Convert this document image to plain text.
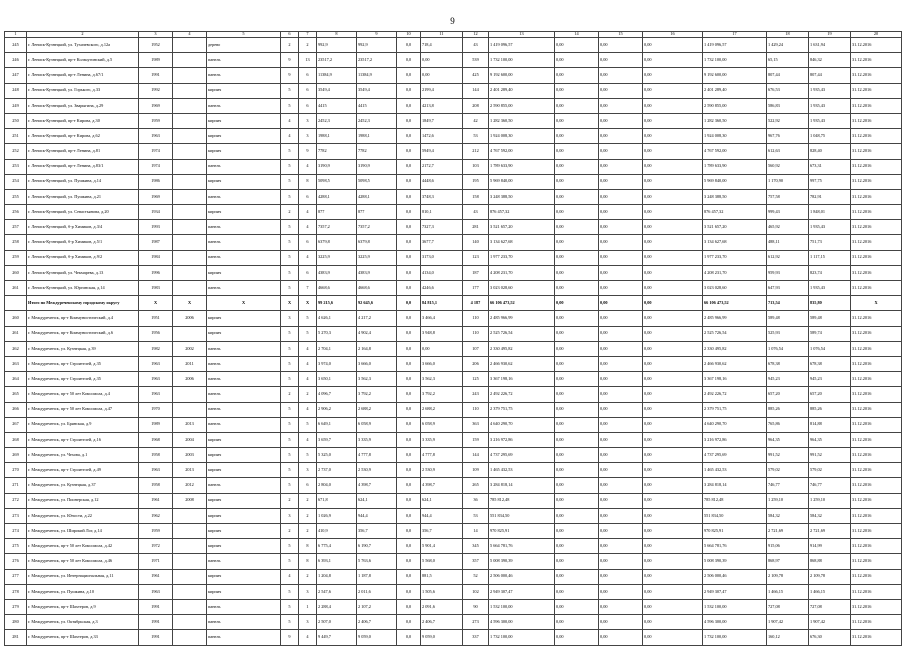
9
1	2	3	4	5	6	7	8	9	10	11	12	13	14	15	16	17	18	19	20
245	г. Лениск-Кузнецкий, ул. Тухачевского, д.12а	1952		дерево	2	2	992,9	992,9	0,0	718,4	43	1 419 096,57	0,00	0,00	0,00	1 419 096,57	1 429,24	1 631,94	31.12.2016
246	г. Лениск-Кузнецкий, пр-т Кольчугинский, д.5	1989		панель	9	13	23517,2	23517,2	0,0	0,00	539	1 732 100,00	0,00	0,00	0,00	1 732 100,00	65,15	846,32	31.12.2016
247	г. Лениск-Кузнецкий, пр-т Ленина, д.67/1	1991		панель	9	6	11384,9	11384,9	0,0	0,00	425	9 192 600,00	0,00	0,00	0,00	9 192 600,00	807,44	807,44	31.12.2016
248	г. Лениск-Кузнецкий, ул. Горького, д.33	1992		кирпич	5	6	3549,4	3549,4	0,0	2199,4	144	2 401 289,40	0,00	0,00	0,00	2 401 289,40	676,53	1 935,43	31.12.2016
249	г. Лениск-Кузнецкий, ул. Зварыгина, д.29	1969		панель	5	6	4415	4415	0,0	4213,8	208	2 590 855,00	0,00	0,00	0,00	2 590 855,00	586,83	1 935,43	31.12.2016
250	г. Лениск-Кузнецкий, пр-т Кирова, д.30	1959		кирпич	4	3	2452,3	2452,3	0,0	1849,7	42	1 282 360,50	0,00	0,00	0,00	1 282 360,50	522,92	1 935,43	31.12.2016
251	г. Лениск-Кузнецкий, пр-т Кирова, д.62	1963		кирпич	4	3	1988,1	1988,1	0,0	1472,6	53	1 924 008,30	0,00	0,00	0,00	1 924 008,30	967,76	1 048,75	31.12.2016
252	г. Лениск-Кузнецкий, пр-т Ленина, д.81	1974		кирпич	5	9	7782	7782	0,0	5949,4	212	4 767 592,00	0,00	0,00	0,00	4 767 592,00	612,63	828,40	31.12.2016
253	г. Лениск-Кузнецкий, пр-т Ленина, д.83/1	1974		панель	5	4	3190,9	3190,9	0,0	2172,7	103	1 789 633,90	0,00	0,00	0,00	1 789 633,90	560,92	673,31	31.12.2016
254	г. Лениск-Кузнецкий, ул. Пушкина, д.14	1986		кирпич	5	8	5098,5	5098,5	0,0	4448,6	195	5 969 840,00	0,00	0,00	0,00	5 969 840,00	1 170,90	997,75	31.12.2016
255	г. Лениск-Кузнецкий, ул. Пушкина, д.21	1969		панель	5	6	4288,1	4288,1	0,0	3748,3	158	3 248 388,50	0,00	0,00	0,00	3 248 388,50	757,58	782,91	31.12.2016
256	г. Лениск-Кузнецкий, ул. Севастьянова, д.20	1934		кирпич	2	4	877	877	0,0	810,1	43	876 457,32	0,00	0,00	0,00	876 457,32	999,43	1 848,01	31.12.2016
257	г. Лениск-Кузнецкий, б-р Химиков, д.3/4	1993		панель	5	4	7357,2	7357,2	0,0	7327,3	281	3 521 657,20	0,00	0,00	0,00	3 521 657,20	465,92	1 935,43	31.12.2016
258	г. Лениск-Кузнецкий, б-р Химиков, д.5/1	1987		панель	5	6	6379,8	6379,8	0,0	3677,7	140	3 134 627,68	0,00	0,00	0,00	3 134 627,68	488,11	751,73	31.12.2016
259	г. Лениск-Кузнецкий, б-р Химиков, д.9/2	1984		панель	5	4	3225,9	3225,9	0,0	3173,0	123	1 977 233,70	0,00	0,00	0,00	1 977 233,70	612,92	1 117,15	31.12.2016
260	г. Лениск-Кузнецкий, ул. Чекмарева, д.13	1996		кирпич	5	6	4383,9	4383,9	0,0	4134,0	187	4 208 231,70	0,00	0,00	0,00	4 208 231,70	959,93	823,74	31.12.2016
261	г. Лениск-Кузнецкий, ул. Юргинская, д.14	1983		панель	5	7	4668,6	4668,6	0,0	4246,6	177	3 023 028,60	0,00	0,00	0,00	3 023 028,60	647,93	1 935,43	31.12.2016
	Итого по Междуреченскому городскому округу	X	X	X	X	X	99 215,6	92 645,6	0,0	84 815,1	4 187	66 106 473,52	0,00	0,00	0,00	66 106 473,52	713,54	835,80	X
260	г. Междуреченск, пр-т Коммунистический, д.4	1951	2006	кирпич	3	5	4 626,1	4 217,2	0,0	3 466,4	110	2 485 966,99	0,00	0,00	0,00	2 485 966,99	589,48	589,48	31.12.2016
261	г. Междуреченск, пр-т Коммунистический, д.6	1956		кирпич	5	5	5 270,3	4 902,4	0,0	3 948,8	110	2 525 726,54	0,00	0,00	0,00	2 525 726,54	525,93	589,74	31.12.2016
262	г. Междуреченск, ул. Кузнецкая, д.39	1982	2002	панель	5	4	2 704,1	2 164,8	0,0	0,00	107	2 330 495,82	0,00	0,00	0,00	2 330 495,82	1 076,54	1 076,54	31.12.2016
263	г. Междуреченск, пр-т Строителей, д.35	1963	2011	панель	5	4	3 974,0	3 666,0	0,0	3 666,0	206	2 466 930,62	0,00	0,00	0,00	2 466 930,62	678,38	678,38	31.12.2016
264	г. Междуреченск, пр-т Строителей, д.35	1963	2006	панель	5	4	3 650,1	3 562,3	0,0	3 562,3	125	3 367 198,16	0,00	0,00	0,00	3 367 198,16	945,23	945,23	31.12.2016
265	г. Междуреченск, пр-т 50 лет Комсомола, д.4	1963		панель	2	2	4 096,7	3 792,2	0,0	3 792,2	243	2 492 226,72	0,00	0,00	0,00	2 492 226,72	657,20	657,20	31.12.2016
266	г. Междуреченск, пр-т 50 лет Комсомола, д.47	1970		панель	5	4	2 906,2	2 688,2	0,0	2 688,2	110	2 379 751,75	0,00	0,00	0,00	2 379 751,75	885,26	885,26	31.12.2016
267	г. Междуреченск, ул. Брянская, д.9	1989	2013	панель	5	5	6 649,1	6 058,9	0,0	6 058,9	363	4 640 290,70	0,00	0,00	0,00	4 640 290,70	765,86	814,88	31.12.2016
268	г. Междуреченск, пр-т Строителей, д.16	1968	2004	кирпич	5	4	3 659,7	3 335,9	0,0	3 335,9	159	3 216 972,86	0,00	0,00	0,00	3 216 972,86	964,35	964,35	31.12.2016
269	г. Междуреченск, ул. Чехова, д.1	1958	2003	кирпич	5	5	5 325,0	4 777,8	0,0	4 777,8	144	4 737 295,69	0,00	0,00	0,00	4 737 295,69	991,52	991,52	31.12.2016
270	г. Междуреченск, пр-т Строителей, д.49	1963	2013	кирпич	5	3	2 737,0	2 530,9	0,0	2 530,9	109	1 465 432,53	0,00	0,00	0,00	1 465 432,53	579,02	579,02	31.12.2016
271	г. Междуреченск, ул. Кузнецкая, д.37	1958	2012	панель	5	6	2 804,0	4 398,7	0,0	4 398,7	265	3 284 818,14	0,00	0,00	0,00	3 284 818,14	746,77	746,77	31.12.2016
272	г. Междуреченск, ул. Пионерская, д.12	1961	2008	кирпич	2	2	671,8	624,1	0,0	624,1	36	785 812,48	0,00	0,00	0,00	785 812,48	1 259,10	1 259,10	31.12.2016
273	г. Междуреченск, ул. Юности, д.22	1962		кирпич	3	2	1 026,9	944,4	0,0	944,4	53	551 834,50	0,00	0,00	0,00	551 834,50	584,32	584,32	31.12.2016
274	г. Междуреченск, ул. Широкий Лог, д.14	1959		кирпич	2	2	410,9	356,7	0,0	356,7	14	970 825,91	0,00	0,00	0,00	970 825,91	2 721,69	2 721,69	31.12.2016
275	г. Междуреченск, пр-т 50 лет Комсомола, д.42	1972		кирпич	5	8	6 775,4	6 190,7	0,0	5 901,4	345	5 664 781,76	0,00	0,00	0,00	5 664 781,76	915,06	914,99	31.12.2016
276	г. Междуреченск, пр-т 50 лет Комсомола, д.46	1971		панель	5	8	6 393,1	5 763,6	0,0	5 568,0	357	5 008 390,39	0,00	0,00	0,00	5 008 390,39	868,97	868,88	31.12.2016
277	г. Междуреченск, ул. Интернациональная, д.11	1961		кирпич	4	2	1 204,8	1 187,8	0,0	881,5	52	2 506 000,46	0,00	0,00	0,00	2 506 000,46	2 109,78	2 109,78	31.12.2016
278	г. Междуреченск, ул. Пушкина, д.10	1963		кирпич	5	3	2 547,6	2 011,6	0,0	1 505,6	102	2 949 307,47	0,00	0,00	0,00	2 949 307,47	1 466,15	1 466,15	31.12.2016
279	г. Междуреченск, пр-т Шахтеров, д.9	1991		панель	5	1	2 288,4	2 107,2	0,0	2 091,6	90	1 532 100,00	0,00	0,00	0,00	1 532 100,00	727,08	727,08	31.12.2016
280	г. Междуреченск, ул. Октябрьская, д.3	1991		панель	5	3	2 507,0	2 406,7	0,0	2 406,7	273	4 596 300,00	0,00	0,00	0,00	4 596 300,00	1 907,42	1 907,42	31.12.2016
281	г. Междуреченск, пр-т Шахтеров, д.33	1991		панель	9	4	9 449,7	9 059,0	0,0	9 059,0	337	1 732 100,00	0,00	0,00	0,00	1 732 100,00	160,12	676,30	31.12.2016
